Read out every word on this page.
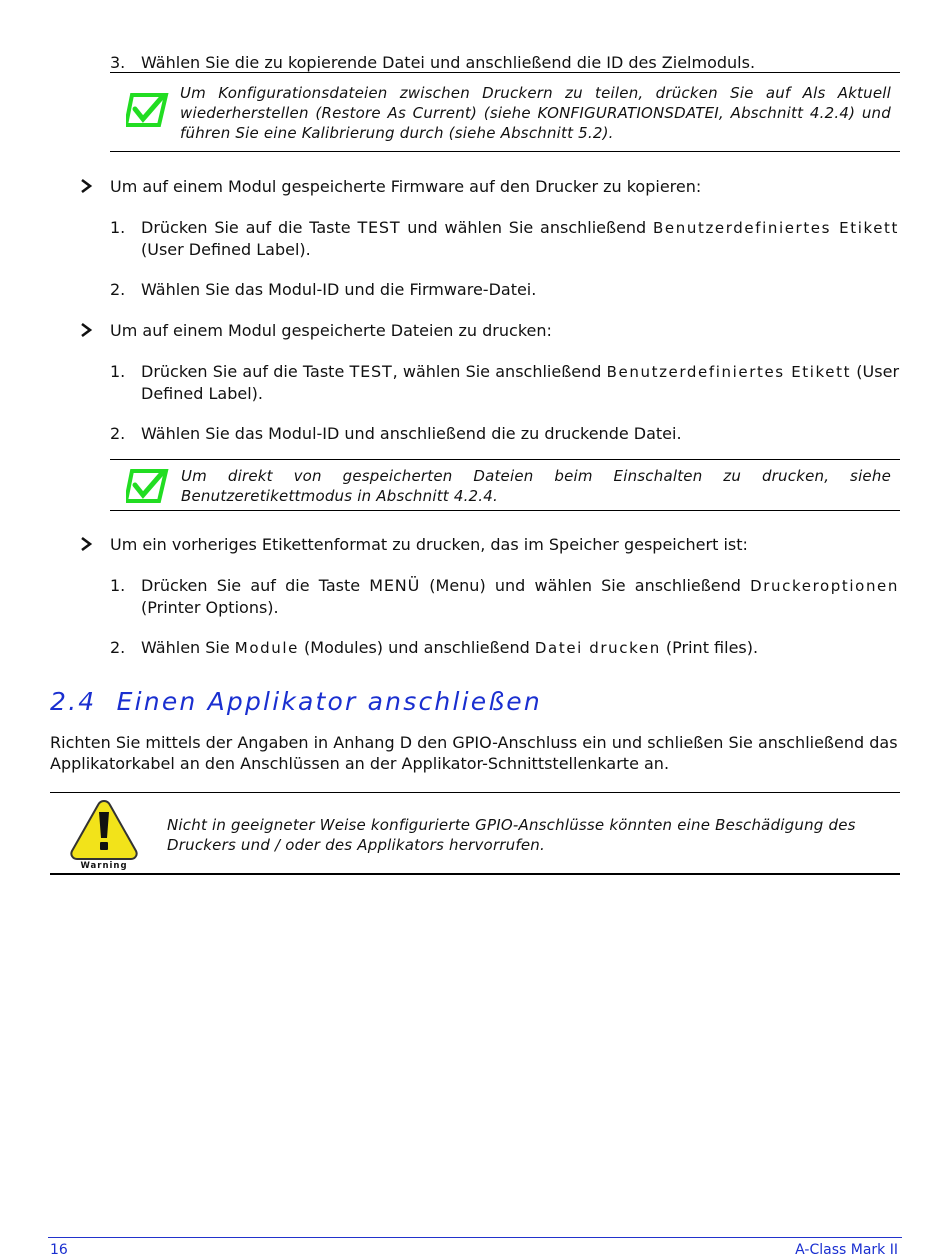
3. Wählen Sie die zu kopierende Datei und anschließend die ID des Zielmoduls.
Um Konfigurationsdateien zwischen Druckern zu teilen, drücken Sie auf Als Aktuell wiederherstellen (Restore As Current) (siehe KONFIGURATIONSDATEI, Abschnitt 4.2.4) und führen Sie eine Kalibrierung durch (siehe Abschnitt 5.2).
Um auf einem Modul gespeicherte Firmware auf den Drucker zu kopieren:
1. Drücken Sie auf die Taste TEST und wählen Sie anschließend Benutzerdefiniertes Etikett (User Defined Label).
2. Wählen Sie das Modul-ID und die Firmware-Datei.
Um auf einem Modul gespeicherte Dateien zu drucken:
1. Drücken Sie auf die Taste TEST, wählen Sie anschließend Benutzerdefiniertes Etikett (User Defined Label).
2. Wählen Sie das Modul-ID und anschließend die zu druckende Datei.
Um direkt von gespeicherten Dateien beim Einschalten zu drucken, siehe Benutzeretikettmodus in Abschnitt 4.2.4.
Um ein vorheriges Etikettenformat zu drucken, das im Speicher gespeichert ist:
1. Drücken Sie auf die Taste MENÜ (Menu) und wählen Sie anschließend Druckeroptionen (Printer Options).
2. Wählen Sie Module (Modules) und anschließend Datei drucken (Print files).
2.4 Einen Applikator anschließen
Richten Sie mittels der Angaben in Anhang D den GPIO-Anschluss ein und schließen Sie anschließend das Applikatorkabel an den Anschlüssen an der Applikator-Schnittstellenkarte an.
Warning
Nicht in geeigneter Weise konfigurierte GPIO-Anschlüsse könnten eine Beschädigung des Druckers und / oder des Applikators hervorrufen.
16	A-Class Mark II
